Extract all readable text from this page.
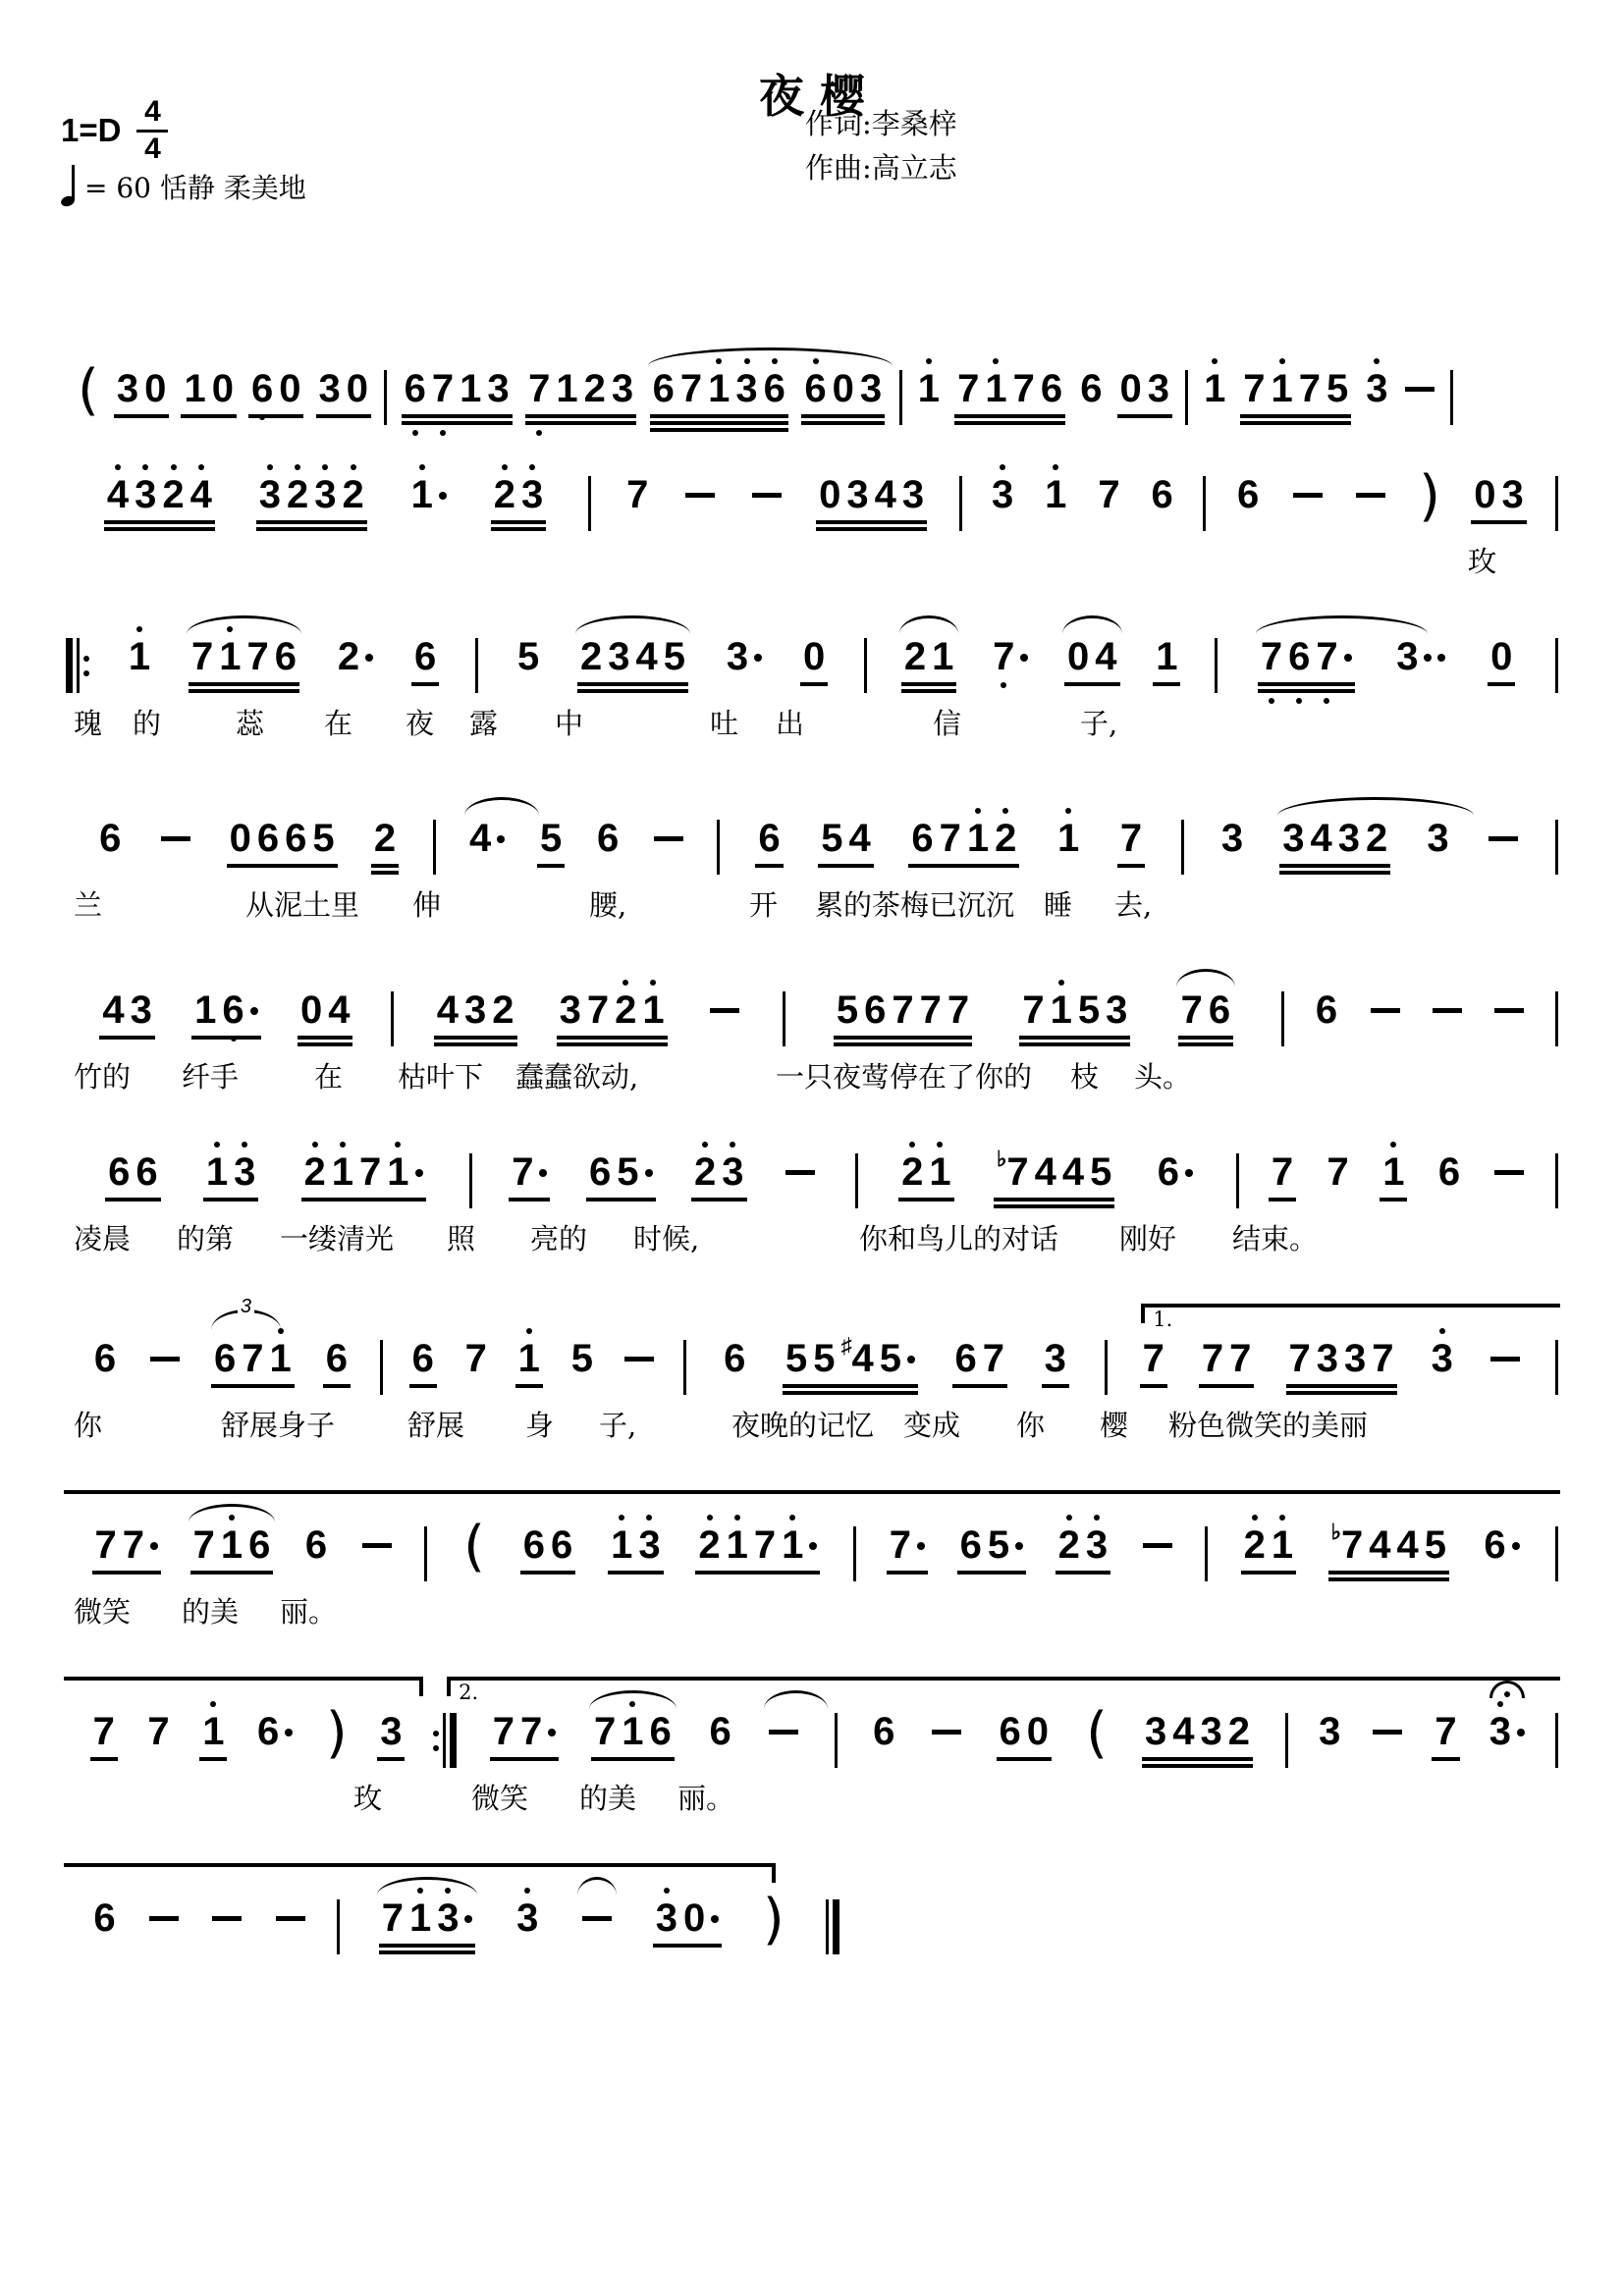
夜 樱
作词:李桑梓
作曲:高立志
$1=D \frac{4}{4}$
= 60 恬静 柔美地
( 3 0 1 0 6 0 3 0 6 7 1 3 7 1 2 3 6 7 1 3 6 6 0 3 1 7 1 7 6 6 0 3 1 7 1 7 5 3
4 3 2 4 3 2 3 2 1 2 3 7	0 3 4 3 3 1 7 6 6	) 0 3
玫
1 7 1 7 6 2 6 5 2 3 4 5 3 0 2 1 7 0 4 1 7 6 7 3 0
瑰 的	蕊 在 夜 露 中	吐 出	信	子,
6	0 6 6 5 2 4 5 6	6 5 4 6 7 1 2 1 7 3 3 4 3 2 3
兰	从泥土里 伸	腰,	开 累的茶梅已沉沉 睡 去,
4 3 1 6 0 4 4 3 2 3 7 2 1	5 6 7 7 7 7 1 5 3 7 6 6
竹的 纤手	在 枯叶下 蠢蠢欲动,	一只夜莺停 在了你的 枝 头。
6 6 1 3 2 1 7 1	7 6 5 2 3	2 1 ♭7 4 4 5 6 7 7 1 6
凌晨 的第 一缕清光 照 亮的 时候,	你和鸟儿的对话 刚好 结束。
1.
6
3
6 7 1 6 6 7 1 5	6 5 5 ♯4 5 6 7 3 7 7 7 7 3 3 7 3
你	舒展身子	舒展 身 子,	夜晚的记忆 变成 你 樱 粉色微笑的美丽
7 7 7 1 6 6 ( 6 6 1 3 2 1 7 1 7 6 5 2 3	2 1 ♭7 4 4 5 6
微笑 的美 丽。
2.
7 7 1 6 ) 3 7 7 7 1 6 6	6	6 0 ( 3 4 3 2 3 7 3
玫	微笑 的美 丽。
6	7 1 3 3	3 0 )
